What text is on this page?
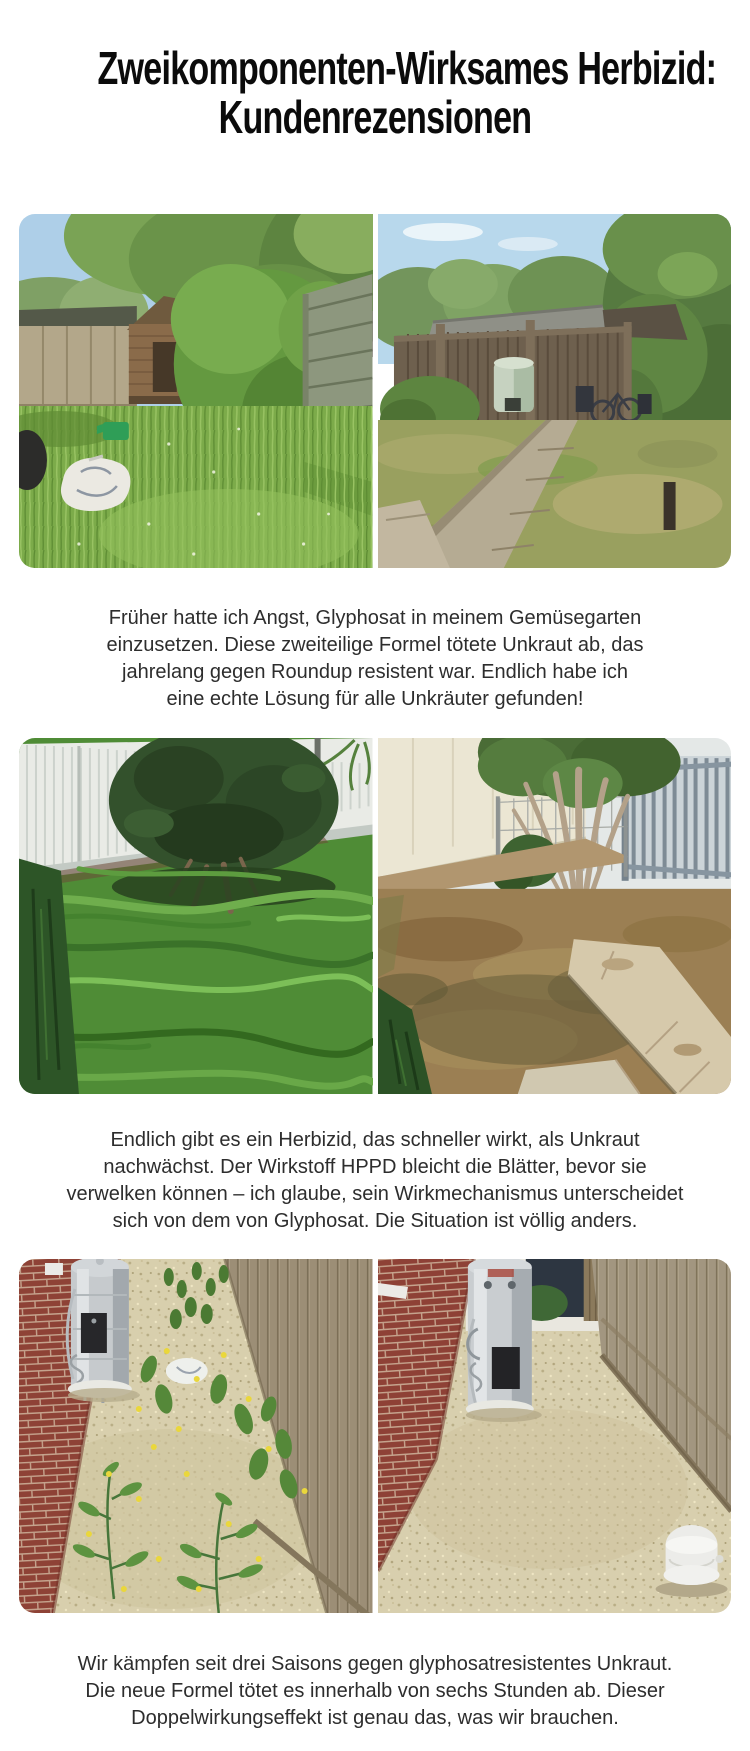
Zweikomponenten-Wirksames Herbizid:
Kundenrezensionen

Früher hatte ich Angst, Glyphosat in meinem Gemüsegarten
einzusetzen. Diese zweiteilige Formel tötete Unkraut ab, das
jahrelang gegen Roundup resistent war. Endlich habe ich
eine echte Lösung für alle Unkräuter gefunden!

Endlich gibt es ein Herbizid, das schneller wirkt, als Unkraut
nachwächst. Der Wirkstoff HPPD bleicht die Blätter, bevor sie
verwelken können – ich glaube, sein Wirkmechanismus unterscheidet
sich von dem von Glyphosat. Die Situation ist völlig anders.

Wir kämpfen seit drei Saisons gegen glyphosatresistentes Unkraut.
Die neue Formel tötet es innerhalb von sechs Stunden ab. Dieser
Doppelwirkungseffekt ist genau das, was wir brauchen.
